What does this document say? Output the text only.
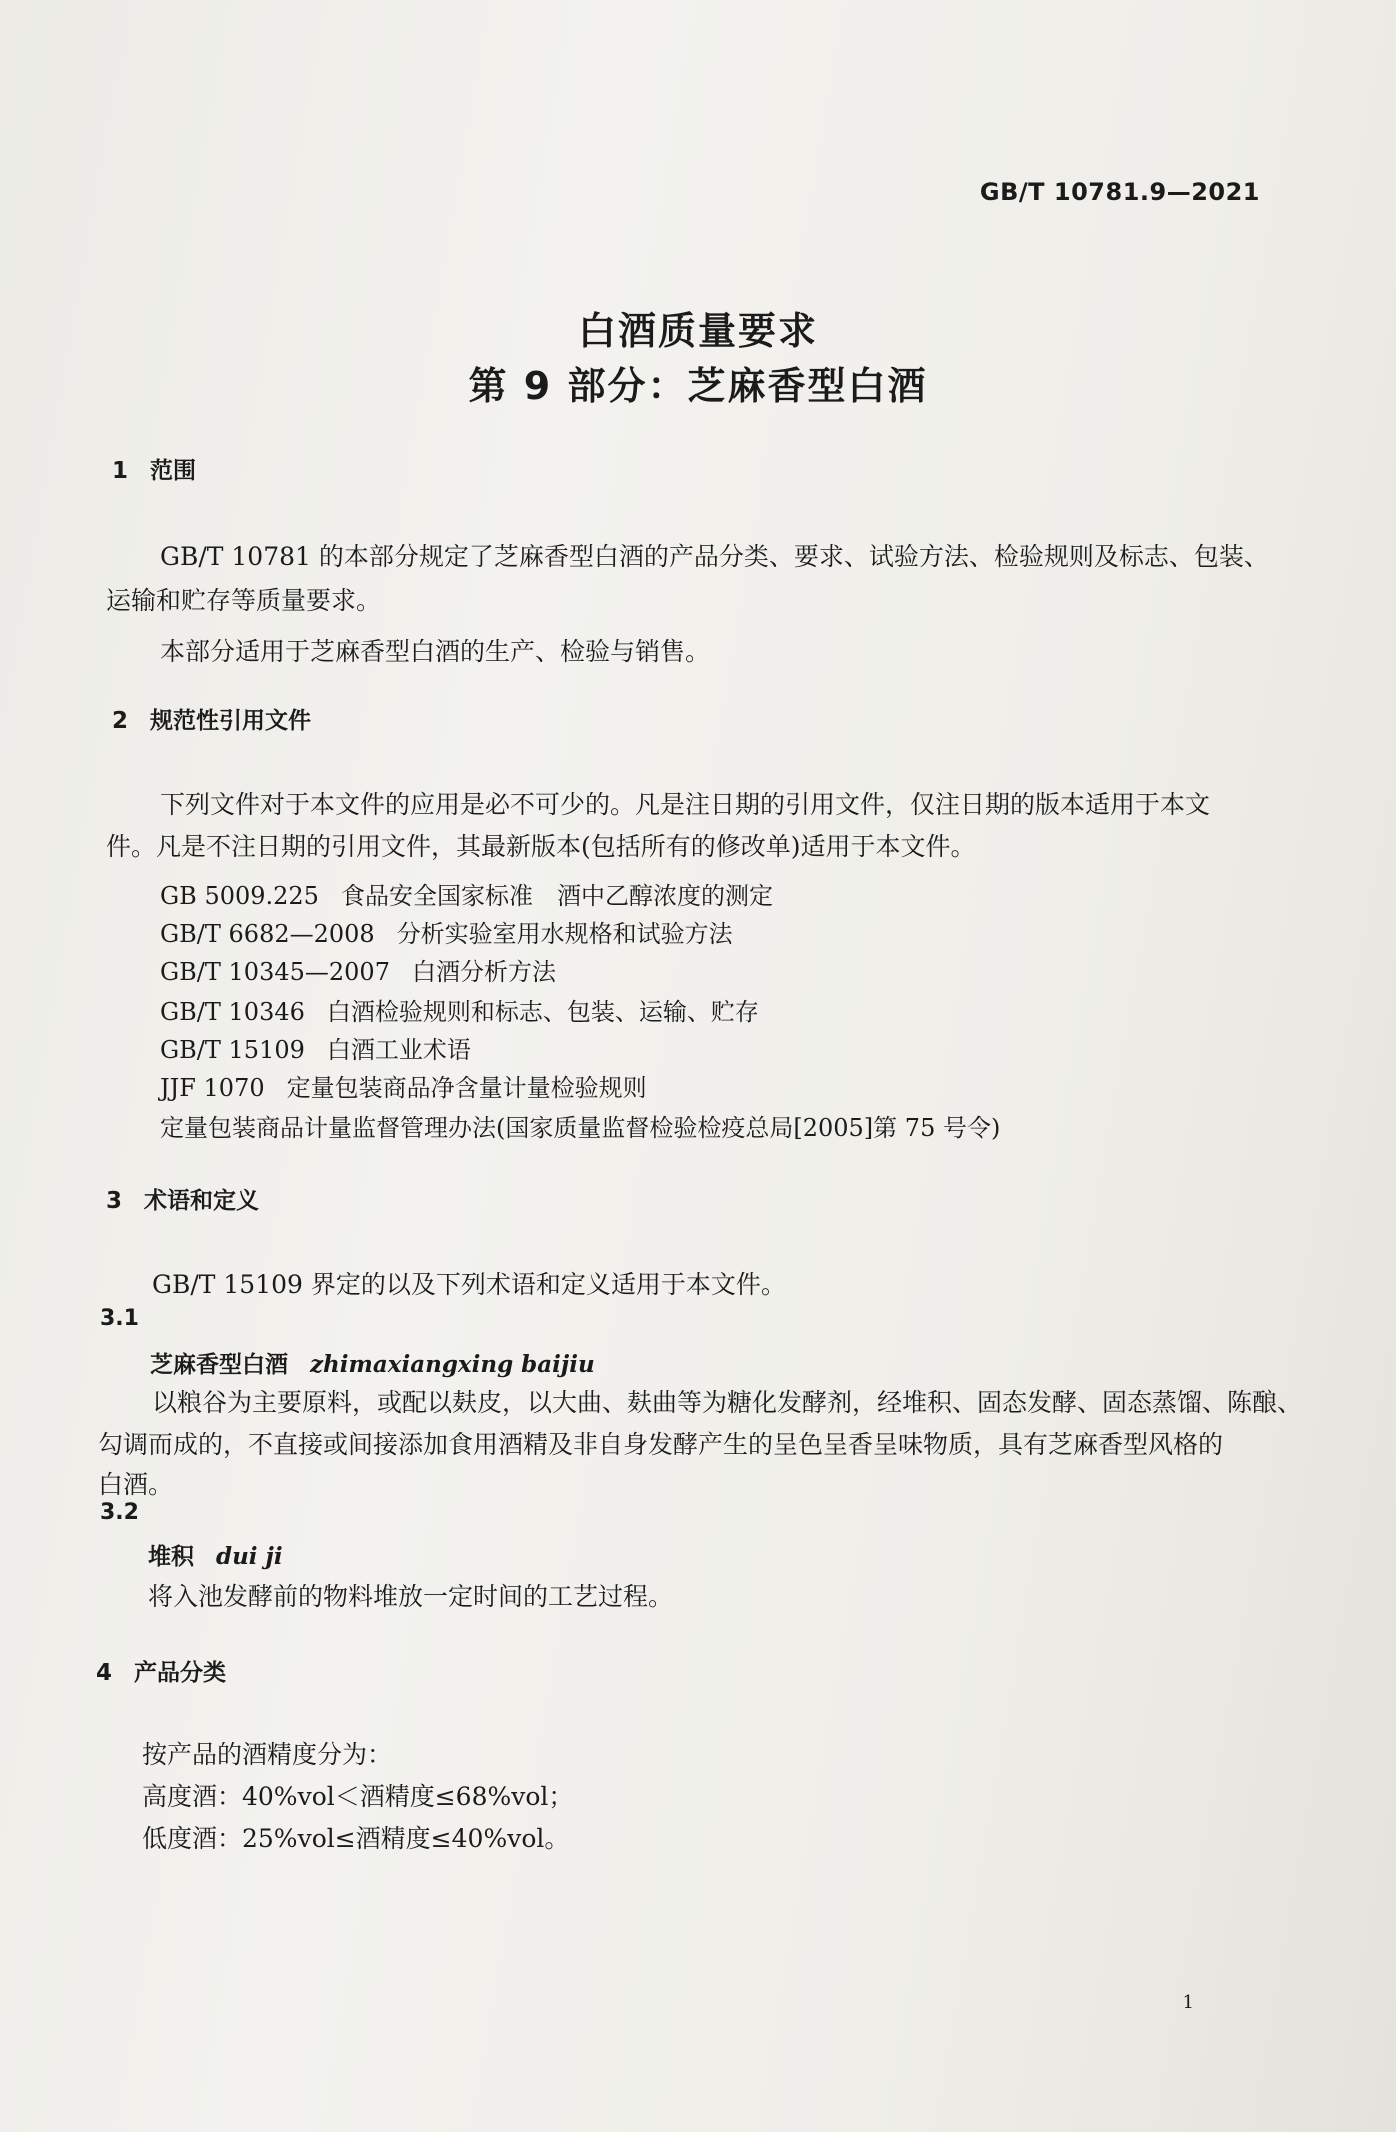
GB/T 10781.9—2021
白酒质量要求
第 9 部分：芝麻香型白酒
1 范围
GB/T 10781 的本部分规定了芝麻香型白酒的产品分类、要求、试验方法、检验规则及标志、包装、
运输和贮存等质量要求。
本部分适用于芝麻香型白酒的生产、检验与销售。
2 规范性引用文件
下列文件对于本文件的应用是必不可少的。凡是注日期的引用文件，仅注日期的版本适用于本文
件。凡是不注日期的引用文件，其最新版本(包括所有的修改单)适用于本文件。
GB 5009.225 食品安全国家标准　酒中乙醇浓度的测定
GB/T 6682—2008 分析实验室用水规格和试验方法
GB/T 10345—2007 白酒分析方法
GB/T 10346 白酒检验规则和标志、包装、运输、贮存
GB/T 15109 白酒工业术语
JJF 1070 定量包装商品净含量计量检验规则
定量包装商品计量监督管理办法(国家质量监督检验检疫总局[2005]第 75 号令)
3 术语和定义
GB/T 15109 界定的以及下列术语和定义适用于本文件。
3.1
芝麻香型白酒 zhimaxiangxing baijiu
以粮谷为主要原料，或配以麸皮，以大曲、麸曲等为糖化发酵剂，经堆积、固态发酵、固态蒸馏、陈酿、
勾调而成的，不直接或间接添加食用酒精及非自身发酵产生的呈色呈香呈味物质，具有芝麻香型风格的
白酒。
3.2
堆积 dui ji
将入池发酵前的物料堆放一定时间的工艺过程。
4 产品分类
按产品的酒精度分为：
高度酒：40%vol＜酒精度≤68%vol；
低度酒：25%vol≤酒精度≤40%vol。
1
